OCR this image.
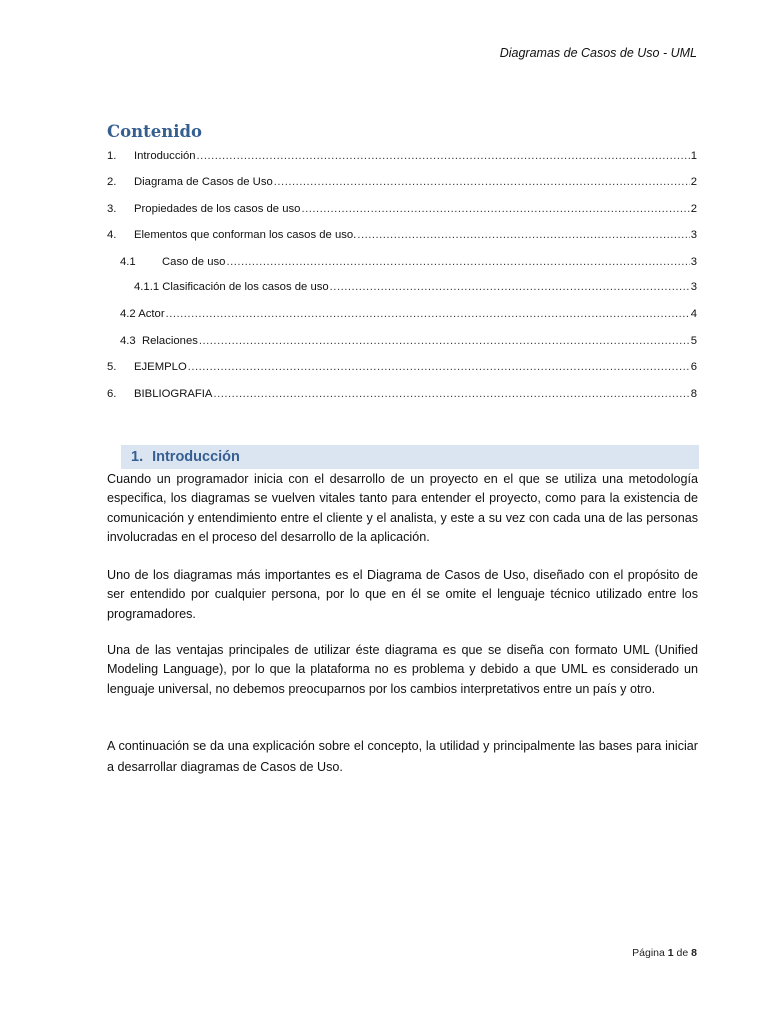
Diagramas de Casos de Uso - UML
Contenido
1.	Introducción .....	1
2.	Diagrama de Casos de Uso .....	2
3.	Propiedades de los casos de uso .....	2
4.	Elementos que conforman los casos de uso. .....	3
4.1	Caso de uso .....	3
4.1.1 Clasificación de los casos de uso .....	3
4.2 Actor .....	4
4.3  Relaciones .....	5
5.	EJEMPLO .....	6
6.	BIBLIOGRAFIA .....	8
1. Introducción

Cuando un programador inicia con el desarrollo de un proyecto en el que se utiliza una metodología especifica, los diagramas se vuelven vitales tanto para entender el proyecto, como para la existencia de comunicación y entendimiento entre el cliente y el analista, y este a su vez con cada una de las personas involucradas en el proceso del desarrollo de la aplicación.

Uno de los diagramas más importantes es el Diagrama de Casos de Uso, diseñado con el propósito de ser entendido por cualquier persona, por lo que en él se omite el lenguaje técnico utilizado entre los programadores.

Una de las ventajas principales de utilizar éste diagrama es que se diseña con formato UML (Unified Modeling Language), por lo que la plataforma no es problema y debido a que UML es considerado un lenguaje universal, no debemos preocuparnos por los cambios interpretativos entre un país y otro.

A continuación se da una explicación sobre el concepto, la utilidad y principalmente las bases para iniciar a desarrollar diagramas de Casos de Uso.

Página 1 de 8
